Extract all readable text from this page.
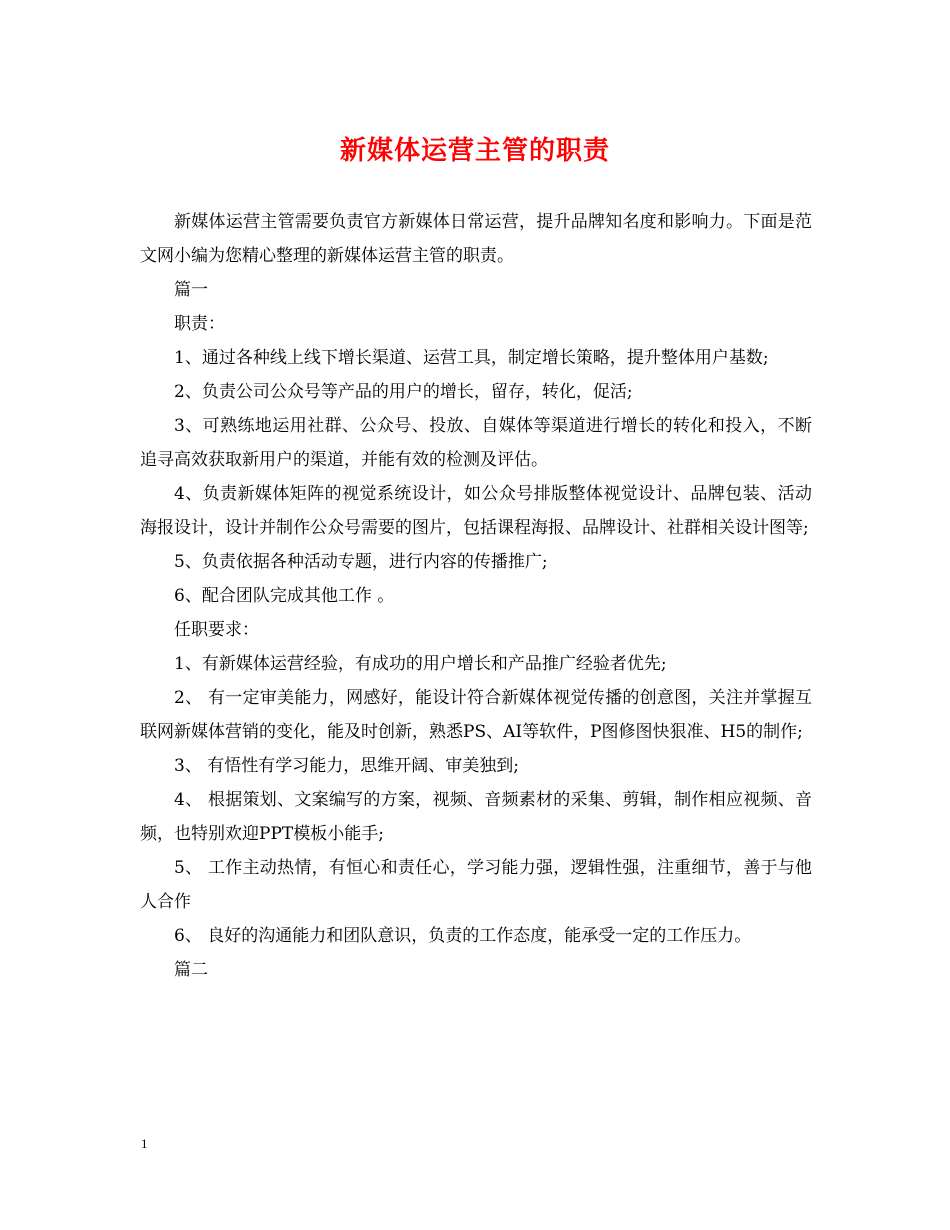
新媒体运营主管的职责

新媒体运营主管需要负责官方新媒体日常运营，提升品牌知名度和影响力。下面是范文网小编为您精心整理的新媒体运营主管的职责。

篇一

职责：

1、通过各种线上线下增长渠道、运营工具，制定增长策略，提升整体用户基数;

2、负责公司公众号等产品的用户的增长，留存，转化，促活;

3、可熟练地运用社群、公众号、投放、自媒体等渠道进行增长的转化和投入，不断追寻高效获取新用户的渠道，并能有效的检测及评估。

4、负责新媒体矩阵的视觉系统设计，如公众号排版整体视觉设计、品牌包装、活动海报设计，设计并制作公众号需要的图片，包括课程海报、品牌设计、社群相关设计图等;

5、负责依据各种活动专题，进行内容的传播推广;

6、配合团队完成其他工作 。

任职要求：

1、有新媒体运营经验，有成功的用户增长和产品推广经验者优先;

2、 有一定审美能力，网感好，能设计符合新媒体视觉传播的创意图，关注并掌握互联网新媒体营销的变化，能及时创新，熟悉PS、AI等软件，P图修图快狠准、H5的制作;

3、 有悟性有学习能力，思维开阔、审美独到;

4、 根据策划、文案编写的方案，视频、音频素材的采集、剪辑，制作相应视频、音频，也特别欢迎PPT模板小能手;

5、 工作主动热情，有恒心和责任心，学习能力强，逻辑性强，注重细节，善于与他人合作

6、 良好的沟通能力和团队意识，负责的工作态度，能承受一定的工作压力。

篇二

1
